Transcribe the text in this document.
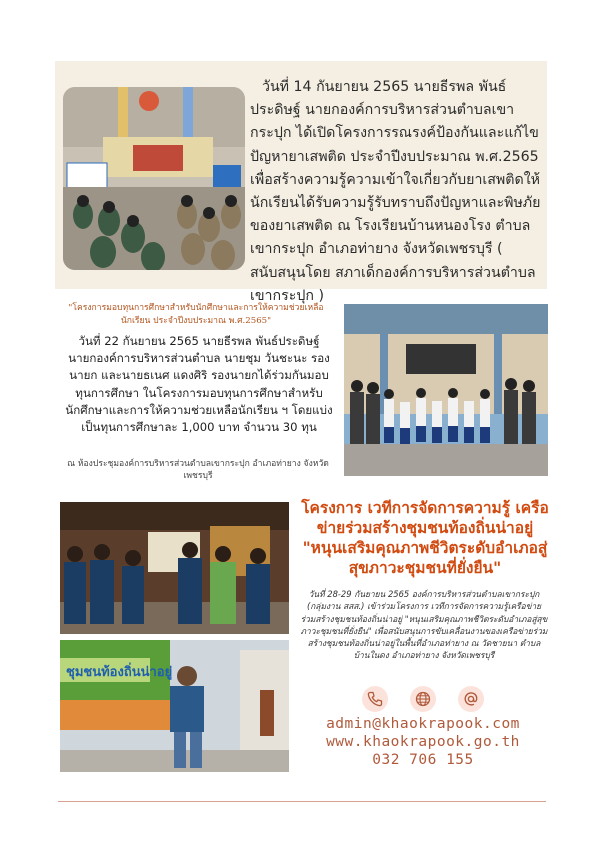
วันที่ 14 กันยายน 2565 นายธีรพล พันธ์ประดิษฐ์ นายกองค์การบริหารส่วนตำบลเขากระปุก ได้เปิดโครงการรณรงค์ป้องกันและแก้ไขปัญหายาเสพติด ประจำปีงบประมาณ พ.ศ.2565 เพื่อสร้างความรู้ความเข้าใจเกี่ยวกับยาเสพติดให้นักเรียนได้รับความรู้รับทราบถึงปัญหาและพิษภัยของยาเสพติด ณ โรงเรียนบ้านหนองโรง ตำบลเขากระปุก อำเภอท่ายาง จังหวัดเพชรบุรี ( สนับสนุนโดย สภาเด็กองค์การบริหารส่วนตำบลเขากระปุก )

"โครงการมอบทุนการศึกษาสำหรับนักศึกษาและการให้ความช่วยเหลือนักเรียน ประจำปีงบประมาณ พ.ศ.2565"
วันที่ 22 กันยายน 2565 นายธีรพล พันธ์ประดิษฐ์ นายกองค์การบริหารส่วนตำบล นายชุม วันชะนะ รองนายก และนายธเนศ แดงศิริ รองนายกได้ร่วมกันมอบทุนการศึกษา ในโครงการมอบทุนการศึกษาสำหรับนักศึกษาและการให้ความช่วยเหลือนักเรียน ฯ โดยแบ่งเป็นทุนการศึกษาละ 1,000 บาท จำนวน 30 ทุน
ณ ห้องประชุมองค์การบริหารส่วนตำบลเขากระปุก อำเภอท่ายาง จังหวัดเพชรบุรี
ชุมชนท้องถิ่นน่าอยู่
โครงการ เวทีการจัดการความรู้ เครือข่ายร่วมสร้างชุมชนท้องถิ่นน่าอยู่ "หนุนเสริมคุณภาพชีวิตระดับอำเภอสู่สุขภาวะชุมชนที่ยั่งยืน"
วันที่ 28-29 กันยายน 2565 องค์การบริหารส่วนตำบลเขากระปุก (กลุ่มงาน สสส.) เข้าร่วมโครงการ เวทีการจัดการความรู้เครือข่ายร่วมสร้างชุมชนท้องถิ่นน่าอยู่ "หนุนเสริมคุณภาพชีวิตระดับอำเภอสู่สุขภาวะชุมชนที่ยั่งยืน" เพื่อสนับสนุนการขับเคลื่อนงานของเครือข่ายร่วมสร้างชุมชนท้องถิ่นน่าอยู่ในพื้นที่อำเภอท่ายาง ณ วัดชายนา ตำบลบ้านในดง อำเภอท่ายาง จังหวัดเพชรบุรี
admin@khaokrapook.com
www.khaokrapook.go.th
032 706 155
